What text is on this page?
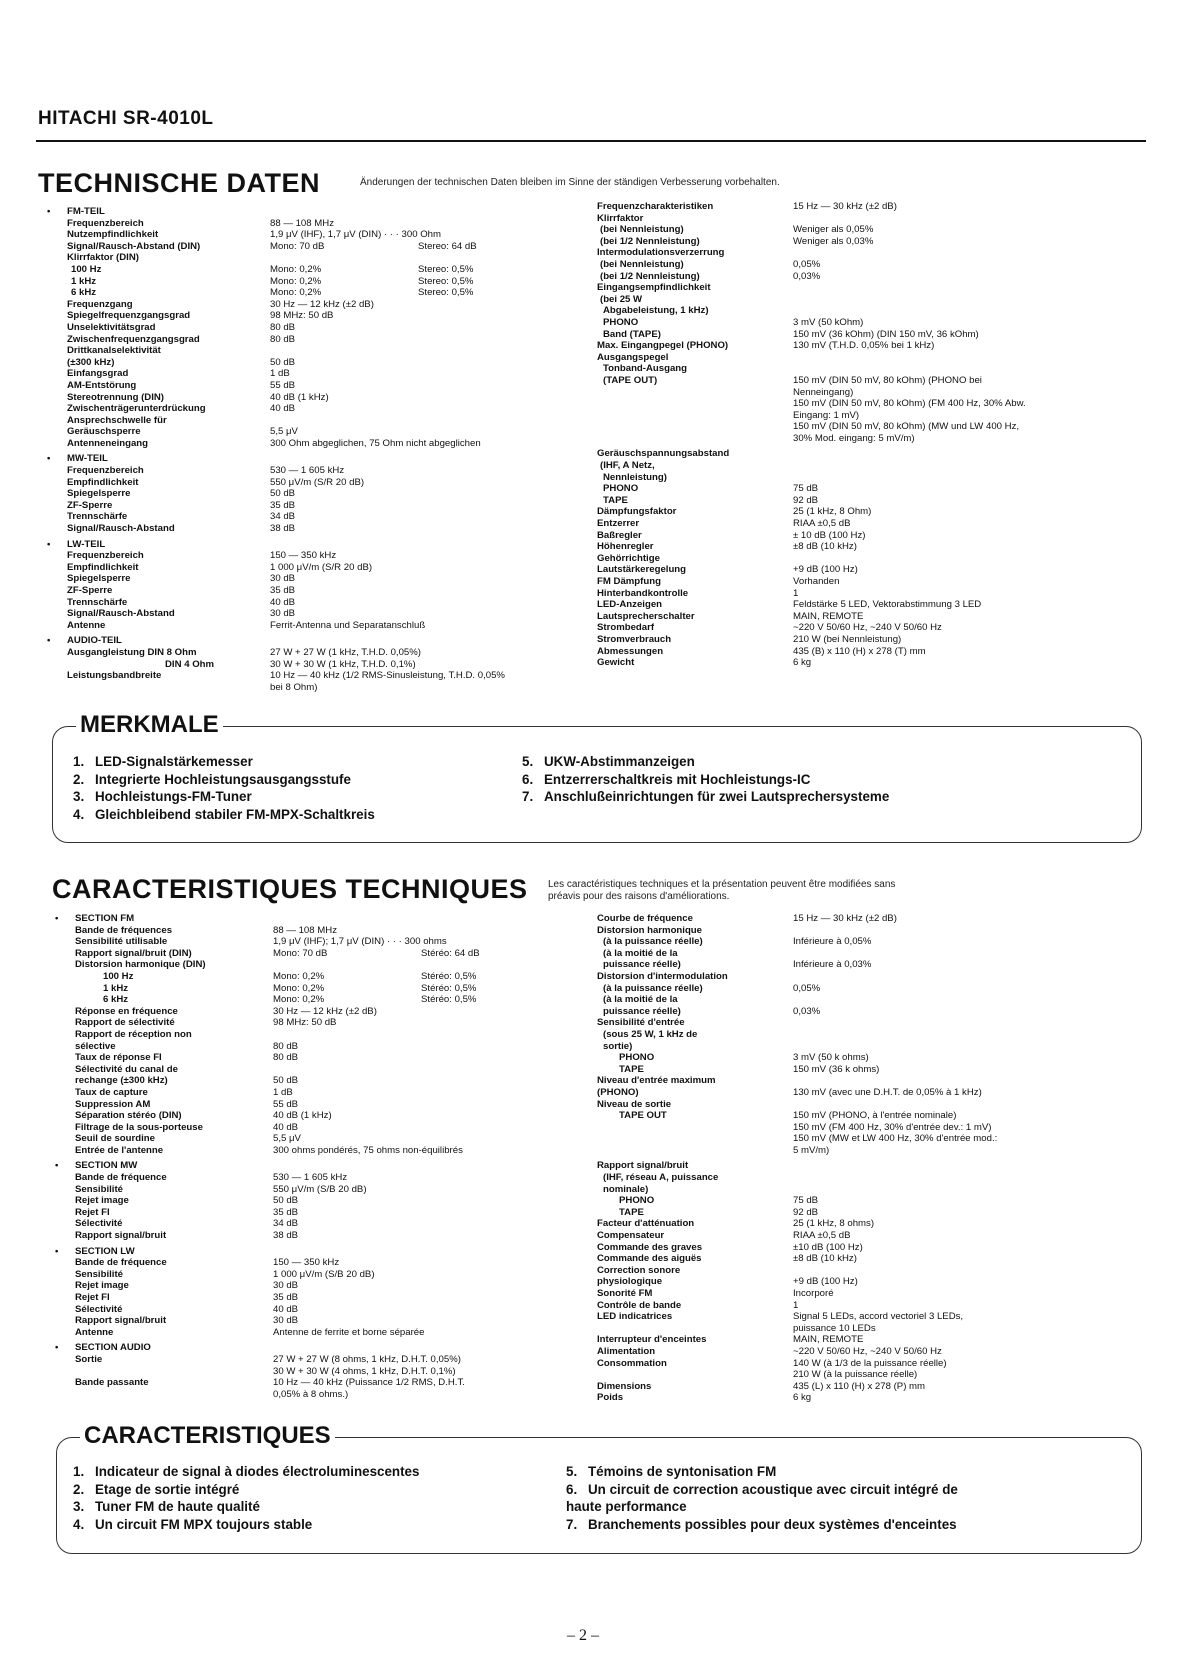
HITACHI SR-4010L
TECHNISCHE DATEN	Änderungen der technischen Daten bleiben im Sinne der ständigen Verbesserung vorbehalten.
• FM-TEIL
Frequenzbereich	88 — 108 MHz
Nutzempfindlichkeit	1,9 μV (IHF), 1,7 μV (DIN) · · · 300 Ohm
Signal/Rausch-Abstand (DIN)	Mono: 70 dB	Stereo: 64 dB
Klirrfaktor (DIN)
100 Hz	Mono: 0,2%	Stereo: 0,5%
1 kHz	Mono: 0,2%	Stereo: 0,5%
6 kHz	Mono: 0,2%	Stereo: 0,5%
Frequenzgang	30 Hz — 12 kHz (±2 dB)
Spiegelfrequenzgangsgrad	98 MHz: 50 dB
Unselektivitätsgrad	80 dB
Zwischenfrequenzgangsgrad	80 dB
Drittkanalselektivität
(±300 kHz)	50 dB
Einfangsgrad	1 dB
AM-Entstörung	55 dB
Stereotrennung (DIN)	40 dB (1 kHz)
Zwischenträgerunterdrückung	40 dB
Ansprechschwelle für
Geräuschsperre	5,5 μV
Antenneneingang	300 Ohm abgeglichen, 75 Ohm nicht abgeglichen
• MW-TEIL
Frequenzbereich	530 — 1 605 kHz
Empfindlichkeit	550 μV/m (S/R 20 dB)
Spiegelsperre	50 dB
ZF-Sperre	35 dB
Trennschärfe	34 dB
Signal/Rausch-Abstand	38 dB
• LW-TEIL
Frequenzbereich	150 — 350 kHz
Empfindlichkeit	1 000 μV/m (S/R 20 dB)
Spiegelsperre	30 dB
ZF-Sperre	35 dB
Trennschärfe	40 dB
Signal/Rausch-Abstand	30 dB
Antenne	Ferrit-Antenna und Separatanschluß
• AUDIO-TEIL
Ausgangleistung DIN 8 Ohm	27 W + 27 W (1 kHz, T.H.D. 0,05%)
DIN 4 Ohm	30 W + 30 W (1 kHz, T.H.D. 0,1%)
Leistungsbandbreite	10 Hz — 40 kHz (1/2 RMS-Sinusleistung, T.H.D. 0,05%
bei 8 Ohm)
Frequenzcharakteristiken	15 Hz — 30 kHz (±2 dB)
Klirrfaktor
(bei Nennleistung)	Weniger als 0,05%
(bei 1/2 Nennleistung)	Weniger als 0,03%
Intermodulationsverzerrung
(bei Nennleistung)	0,05%
(bei 1/2 Nennleistung)	0,03%
Eingangsempfindlichkeit
(bei 25 W
Abgabeleistung, 1 kHz)
PHONO	3 mV (50 kOhm)
Band (TAPE)	150 mV (36 kOhm) (DIN 150 mV, 36 kOhm)
Max. Eingangpegel (PHONO)	130 mV (T.H.D. 0,05% bei 1 kHz)
Ausgangspegel
Tonband-Ausgang
(TAPE OUT)	150 mV (DIN 50 mV, 80 kOhm) (PHONO bei
Nenneingang)
150 mV (DIN 50 mV, 80 kOhm) (FM 400 Hz, 30% Abw.
Eingang: 1 mV)
150 mV (DIN 50 mV, 80 kOhm) (MW und LW 400 Hz,
30% Mod. eingang: 5 mV/m)
Geräuschspannungsabstand
(IHF, A Netz,
Nennleistung)
PHONO	75 dB
TAPE	92 dB
Dämpfungsfaktor	25 (1 kHz, 8 Ohm)
Entzerrer	RIAA ±0,5 dB
Baßregler	± 10 dB (100 Hz)
Höhenregler	±8 dB (10 kHz)
Gehörrichtige
Lautstärkeregelung	+9 dB (100 Hz)
FM Dämpfung	Vorhanden
Hinterbandkontrolle	1
LED-Anzeigen	Feldstärke 5 LED, Vektorabstimmung 3 LED
Lautsprecherschalter	MAIN, REMOTE
Strombedarf	~220 V 50/60 Hz, ~240 V 50/60 Hz
Stromverbrauch	210 W (bei Nennleistung)
Abmessungen	435 (B) x 110 (H) x 278 (T) mm
Gewicht	6 kg
MERKMALE
1. LED-Signalstärkemesser
2. Integrierte Hochleistungsausgangsstufe
3. Hochleistungs-FM-Tuner
4. Gleichbleibend stabiler FM-MPX-Schaltkreis
5. UKW-Abstimmanzeigen
6. Entzerrerschaltkreis mit Hochleistungs-IC
7. Anschlußeinrichtungen für zwei Lautsprechersysteme
CARACTERISTIQUES TECHNIQUES Les caractéristiques techniques et la présentation peuvent être modifiées sans
préavis pour des raisons d'améliorations.
• SECTION FM
Bande de fréquences	88 — 108 MHz
Sensibilité utilisable	1,9 μV (IHF); 1,7 μV (DIN) · · · 300 ohms
Rapport signal/bruit (DIN)	Mono: 70 dB	Stéréo: 64 dB
Distorsion harmonique (DIN)
100 Hz	Mono: 0,2%	Stéréo: 0,5%
1 kHz	Mono: 0,2%	Stéréo: 0,5%
6 kHz	Mono: 0,2%	Stéréo: 0,5%
Réponse en fréquence	30 Hz — 12 kHz (±2 dB)
Rapport de sélectivité	98 MHz: 50 dB
Rapport de réception non
sélective	80 dB
Taux de réponse FI	80 dB
Sélectivité du canal de
rechange (±300 kHz)	50 dB
Taux de capture	1 dB
Suppression AM	55 dB
Séparation stéréo (DIN)	40 dB (1 kHz)
Filtrage de la sous-porteuse	40 dB
Seuil de sourdine	5,5 μV
Entrée de l'antenne	300 ohms pondérés, 75 ohms non-équilibrés
• SECTION MW
Bande de fréquence	530 — 1 605 kHz
Sensibilité	550 μV/m (S/B 20 dB)
Rejet image	50 dB
Rejet FI	35 dB
Sélectivité	34 dB
Rapport signal/bruit	38 dB
• SECTION LW
Bande de fréquence	150 — 350 kHz
Sensibilité	1 000 μV/m (S/B 20 dB)
Rejet image	30 dB
Rejet FI	35 dB
Sélectivité	40 dB
Rapport signal/bruit	30 dB
Antenne	Antenne de ferrite et borne séparée
• SECTION AUDIO
Sortie	27 W + 27 W (8 ohms, 1 kHz, D.H.T. 0,05%)
30 W + 30 W (4 ohms, 1 kHz, D.H.T. 0,1%)
Bande passante	10 Hz — 40 kHz (Puissance 1/2 RMS, D.H.T.
0,05% à 8 ohms.)
Courbe de fréquence	15 Hz — 30 kHz (±2 dB)
Distorsion harmonique
(à la puissance réelle)	Inférieure à 0,05%
(à la moitié de la
puissance réelle)	Inférieure à 0,03%
Distorsion d'intermodulation
(à la puissance réelle)	0,05%
(à la moitié de la
puissance réelle)	0,03%
Sensibilité d'entrée
(sous 25 W, 1 kHz de
sortie)
PHONO	3 mV (50 k ohms)
TAPE	150 mV (36 k ohms)
Niveau d'entrée maximum
(PHONO)	130 mV (avec une D.H.T. de 0,05% à 1 kHz)
Niveau de sortie
TAPE OUT	150 mV (PHONO, à l'entrée nominale)
150 mV (FM 400 Hz, 30% d'entrée dev.: 1 mV)
150 mV (MW et LW 400 Hz, 30% d'entrée mod.:
5 mV/m)
Rapport signal/bruit
(IHF, réseau A, puissance
nominale)
PHONO	75 dB
TAPE	92 dB
Facteur d'atténuation	25 (1 kHz, 8 ohms)
Compensateur	RIAA ±0,5 dB
Commande des graves	±10 dB (100 Hz)
Commande des aiguës	±8 dB (10 kHz)
Correction sonore
physiologique	+9 dB (100 Hz)
Sonorité FM	Incorporé
Contrôle de bande	1
LED indicatrices	Signal 5 LEDs, accord vectoriel 3 LEDs,
puissance 10 LEDs
Interrupteur d'enceintes	MAIN, REMOTE
Alimentation	~220 V 50/60 Hz, ~240 V 50/60 Hz
Consommation	140 W (à 1/3 de la puissance réelle)
210 W (à la puissance réelle)
Dimensions	435 (L) x 110 (H) x 278 (P) mm
Poids	6 kg
CARACTERISTIQUES
1. Indicateur de signal à diodes électroluminescentes
2. Etage de sortie intégré
3. Tuner FM de haute qualité
4. Un circuit FM MPX toujours stable
5. Témoins de syntonisation FM
6. Un circuit de correction acoustique avec circuit intégré de
haute performance
7. Branchements possibles pour deux systèmes d'enceintes
– 2 –
